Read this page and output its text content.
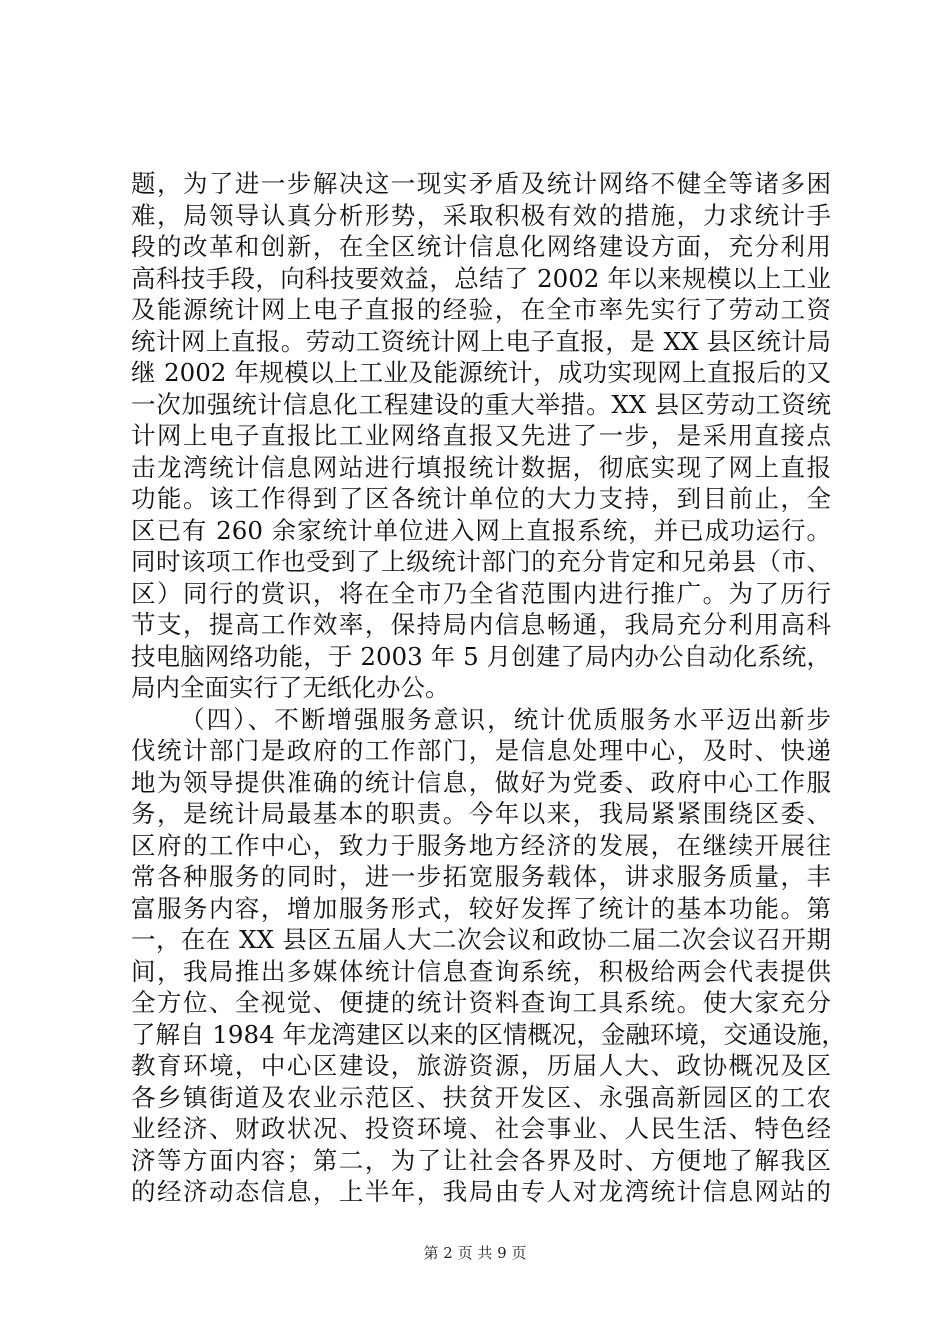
题，为了进一步解决这一现实矛盾及统计网络不健全等诸多困
难，局领导认真分析形势，采取积极有效的措施，力求统计手
段的改革和创新，在全区统计信息化网络建设方面，充分利用
高科技手段，向科技要效益，总结了 2002 年以来规模以上工业
及能源统计网上电子直报的经验，在全市率先实行了劳动工资
统计网上直报。劳动工资统计网上电子直报，是 XX 县区统计局
继 2002 年规模以上工业及能源统计，成功实现网上直报后的又
一次加强统计信息化工程建设的重大举措。XX 县区劳动工资统
计网上电子直报比工业网络直报又先进了一步，是采用直接点
击龙湾统计信息网站进行填报统计数据，彻底实现了网上直报
功能。该工作得到了区各统计单位的大力支持，到目前止，全
区已有 260 余家统计单位进入网上直报系统，并已成功运行。
同时该项工作也受到了上级统计部门的充分肯定和兄弟县（市、
区）同行的赏识，将在全市乃全省范围内进行推广。为了历行
节支，提高工作效率，保持局内信息畅通，我局充分利用高科
技电脑网络功能，于 2003 年 5 月创建了局内办公自动化系统，
局内全面实行了无纸化办公。
（四）、不断增强服务意识，统计优质服务水平迈出新步
伐统计部门是政府的工作部门，是信息处理中心，及时、快递
地为领导提供准确的统计信息，做好为党委、政府中心工作服
务，是统计局最基本的职责。今年以来，我局紧紧围绕区委、
区府的工作中心，致力于服务地方经济的发展，在继续开展往
常各种服务的同时，进一步拓宽服务载体，讲求服务质量，丰
富服务内容，增加服务形式，较好发挥了统计的基本功能。第
一，在在 XX 县区五届人大二次会议和政协二届二次会议召开期
间，我局推出多媒体统计信息查询系统，积极给两会代表提供
全方位、全视觉、便捷的统计资料查询工具系统。使大家充分
了解自 1984 年龙湾建区以来的区情概况，金融环境，交通设施，
教育环境，中心区建设，旅游资源，历届人大、政协概况及区
各乡镇街道及农业示范区、扶贫开发区、永强高新园区的工农
业经济、财政状况、投资环境、社会事业、人民生活、特色经
济等方面内容；第二，为了让社会各界及时、方便地了解我区
的经济动态信息，上半年，我局由专人对龙湾统计信息网站的
第 2 页 共 9 页
